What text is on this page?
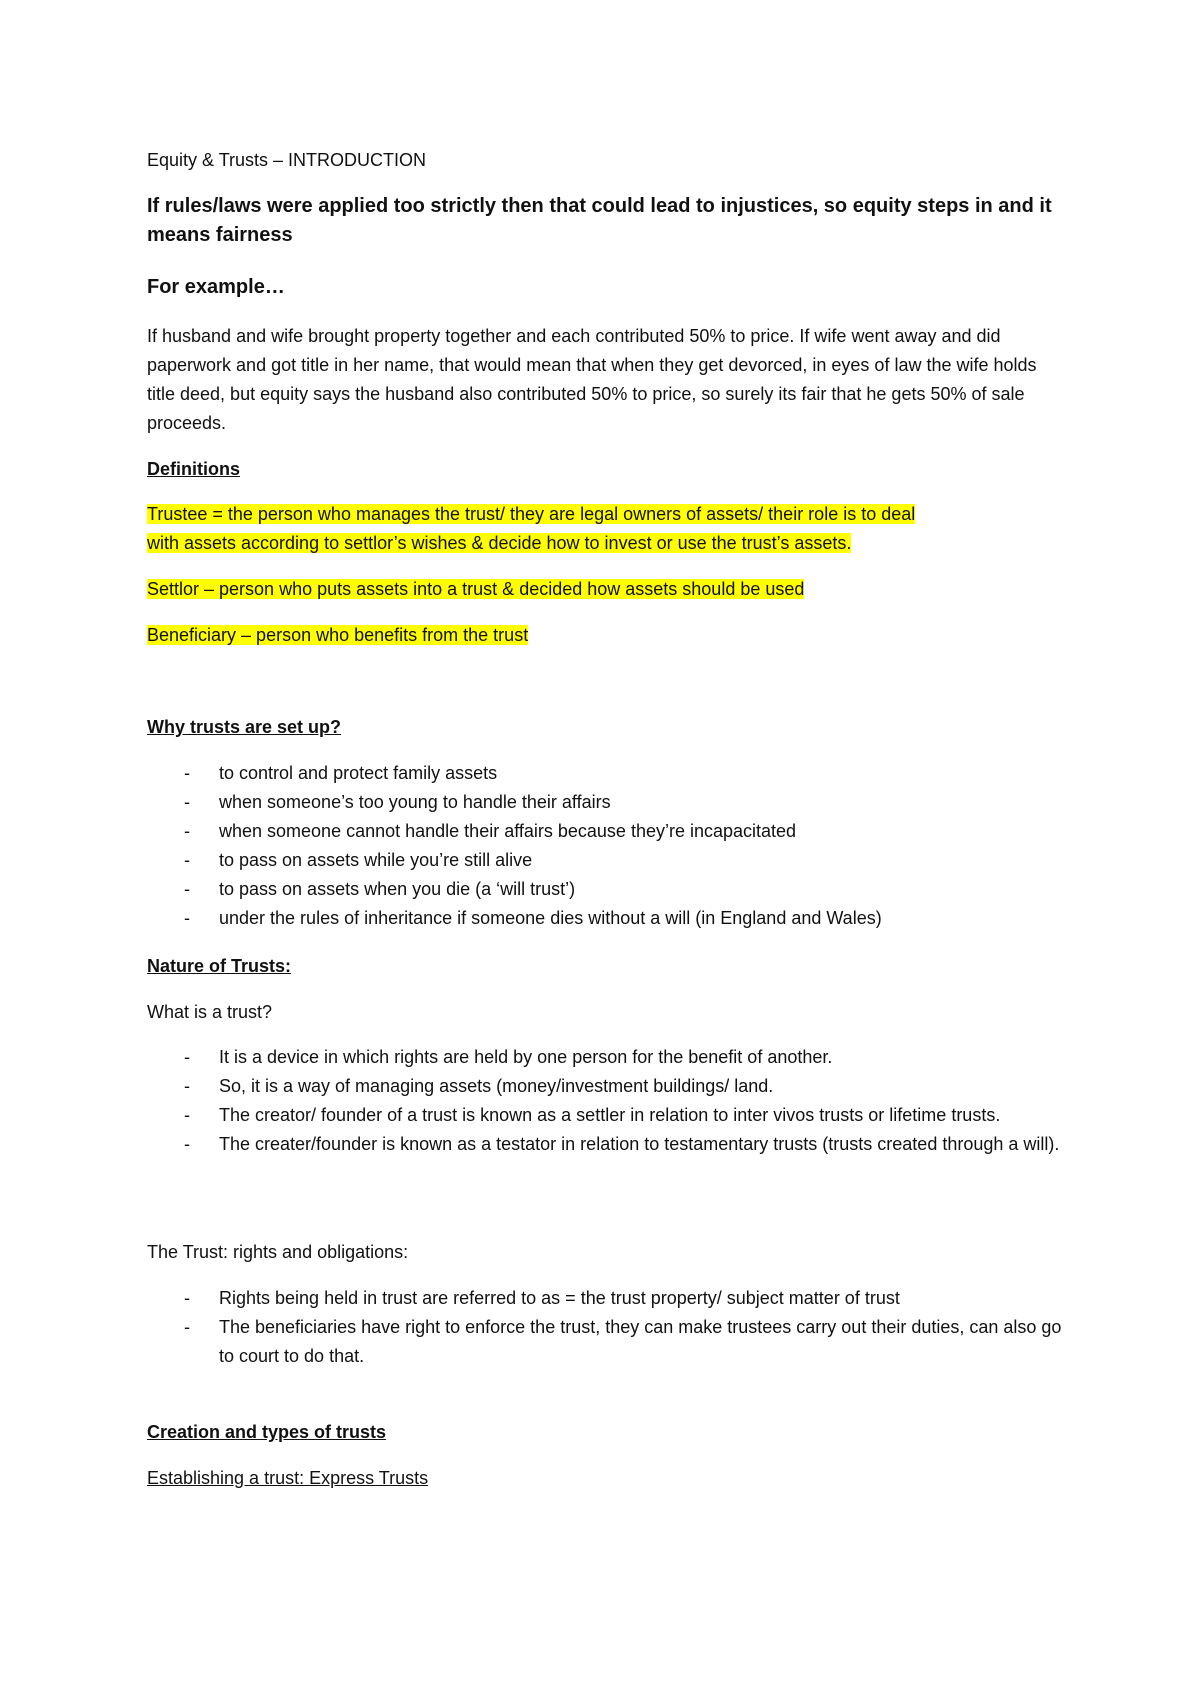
Equity & Trusts – INTRODUCTION

If rules/laws were applied too strictly then that could lead to injustices, so equity steps in and it means fairness

For example…

If husband and wife brought property together and each contributed 50% to price. If wife went away and did paperwork and got title in her name, that would mean that when they get devorced, in eyes of law the wife holds title deed, but equity says the husband also contributed 50% to price, so surely its fair that he gets 50% of sale proceeds.

Definitions

Trustee = the person who manages the trust/ they are legal owners of assets/ their role is to deal

with assets according to settlor’s wishes & decide how to invest or use the trust’s assets.

Settlor – person who puts assets into a trust & decided how assets should be used

Beneficiary – person who benefits from the trust

Why trusts are set up?

- to control and protect family assets
- when someone’s too young to handle their affairs
- when someone cannot handle their affairs because they’re incapacitated
- to pass on assets while you’re still alive
- to pass on assets when you die (a ‘will trust’)
- under the rules of inheritance if someone dies without a will (in England and Wales)

Nature of Trusts:

What is a trust?

- It is a device in which rights are held by one person for the benefit of another.
- So, it is a way of managing assets (money/investment buildings/ land.
- The creator/ founder of a trust is known as a settler in relation to inter vivos trusts or lifetime trusts.
- The creater/founder is known as a testator in relation to testamentary trusts (trusts created through a will).

The Trust: rights and obligations:

- Rights being held in trust are referred to as = the trust property/ subject matter of trust
- The beneficiaries have right to enforce the trust, they can make trustees carry out their duties, can also go to court to do that.

Creation and types of trusts

Establishing a trust: Express Trusts
